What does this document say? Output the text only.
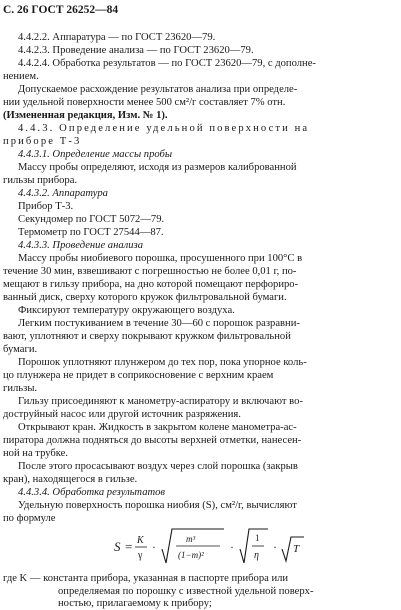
С. 26 ГОСТ 26252—84
4.4.2.2. Аппаратура — по ГОСТ 23620—79.
4.4.2.3. Проведение анализа — по ГОСТ 23620—79.
4.4.2.4. Обработка результатов — по ГОСТ 23620—79, с дополне-
нением.
Допускаемое расхождение результатов анализа при определе-
нии удельной поверхности менее 500 см²/г составляет 7% отн.
(Измененная редакция, Изм. № 1).
4.4.3. Определение удельной поверхности на
приборе Т-3
4.4.3.1. Определение массы пробы
Массу пробы определяют, исходя из размеров калиброванной
гильзы прибора.
4.4.3.2. Аппаратура
Прибор Т-3.
Секундомер по ГОСТ 5072—79.
Термометр по ГОСТ 27544—87.
4.4.3.3. Проведение анализа
Массу пробы ниобиевого порошка, просушенного при 100°С в
течение 30 мин, взвешивают с погрешностью не более 0,01 г, по-
мещают в гильзу прибора, на дно которой помещают перфориро-
ванный диск, сверху которого кружок фильтровальной бумаги.
Фиксируют температуру окружающего воздуха.
Легким постукиванием в течение 30—60 с порошок разравни-
вают, уплотняют и сверху покрывают кружком фильтровальной
бумаги.
Порошок уплотняют плунжером до тех пор, пока упорное коль-
цо плунжера не придет в соприкосновение с верхним краем
гильзы.
Гильзу присоединяют к манометру-аспиратору и включают во-
доструйный насос или другой источник разряжения.
Открывают кран. Жидкость в закрытом колене манометра-ас-
пиратора должна подняться до высоты верхней отметки, нанесен-
ной на трубке.
После этого просасывают воздух через слой порошка (закрыв
кран), находящегося в гильзе.
4.4.3.4. Обработка результатов
Удельную поверхность порошка ниобия (S), см²/г, вычисляют
по формуле
S = K
γ
·
m³
(1−m)²
·
1
η
· T
где K — константа прибора, указанная в паспорте прибора или
определяемая по порошку с известной удельной поверх-
ностью, прилагаемому к прибору;
